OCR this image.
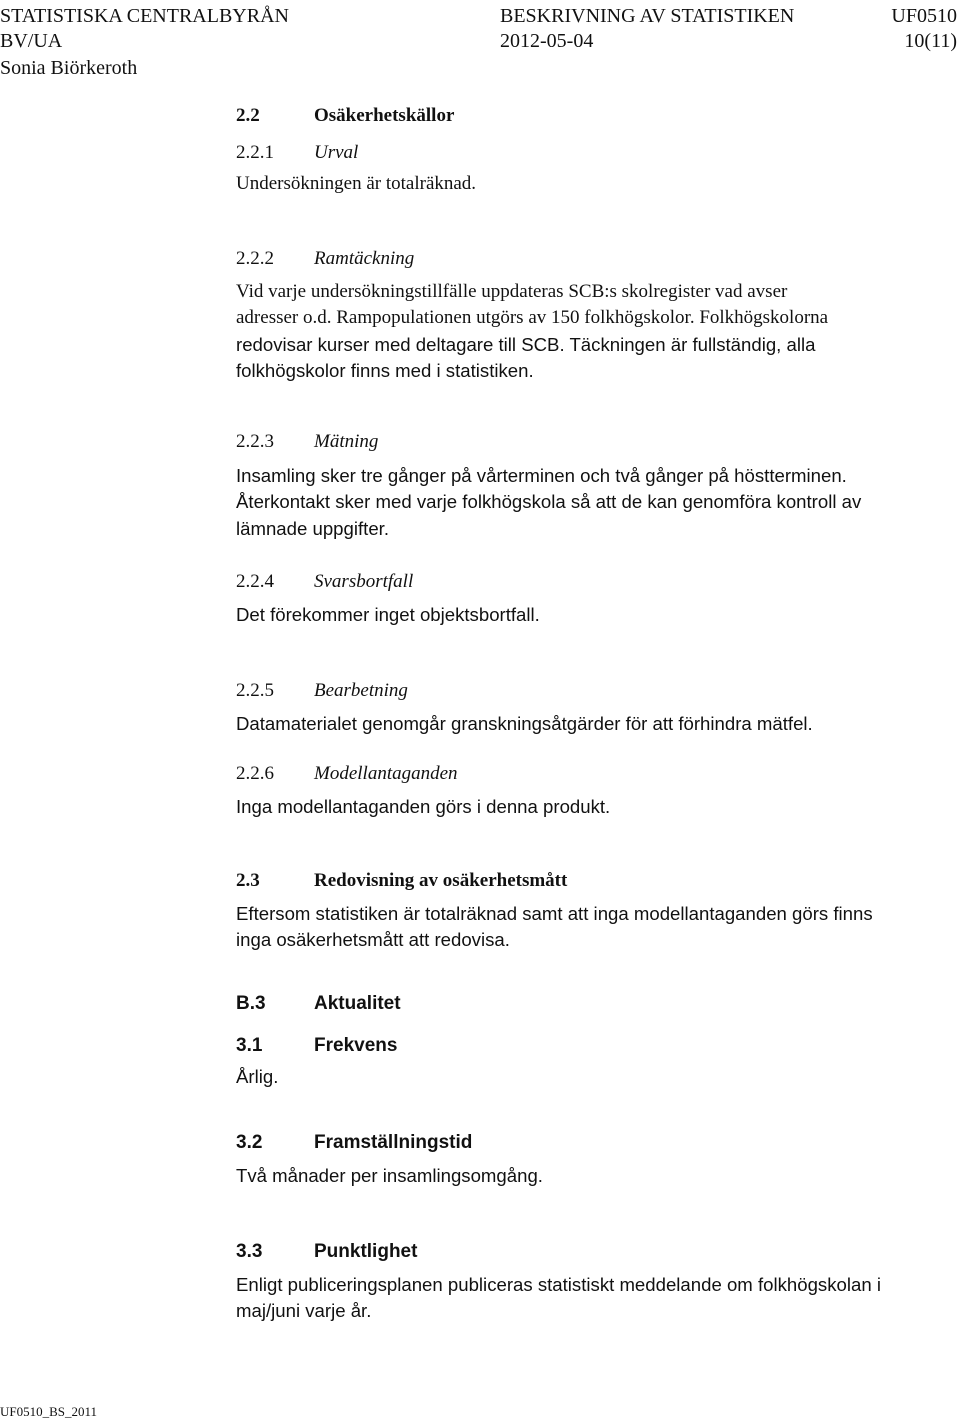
STATISTISKA CENTRALBYRÅN	BESKRIVNING AV STATISTIKEN	UF0510
BV/UA	2012-05-04	10(11)
Sonia Biörkeroth
2.2	Osäkerhetskällor
2.2.1 Urval

Undersökningen är totalräknad.

2.2.2 Ramtäckning
Vid varje undersökningstillfälle uppdateras SCB:s skolregister vad avser
adresser o.d. Rampopulationen utgörs av 150 folkhögskolor. Folkhögskolorna
redovisar kurser med deltagare till SCB. Täckningen är fullständig, alla
folkhögskolor finns med i statistiken.
2.2.3 Mätning
Insamling sker tre gånger på vårterminen och två gånger på höstterminen.
Återkontakt sker med varje folkhögskola så att de kan genomföra kontroll av
lämnade uppgifter.
2.2.4 Svarsbortfall

Det förekommer inget objektsbortfall.

2.2.5 Bearbetning

Datamaterialet genomgår granskningsåtgärder för att förhindra mätfel.

2.2.6 Modellantaganden

Inga modellantaganden görs i denna produkt.

2.3	Redovisning av osäkerhetsmått
Eftersom statistiken är totalräknad samt att inga modellantaganden görs finns
inga osäkerhetsmått att redovisa.
B.3	Aktualitet
3.1	Frekvens

Årlig.

3.2	Framställningstid

Två månader per insamlingsomgång.

3.3	Punktlighet
Enligt publiceringsplanen publiceras statistiskt meddelande om folkhögskolan i
maj/juni varje år.
UF0510_BS_2011
